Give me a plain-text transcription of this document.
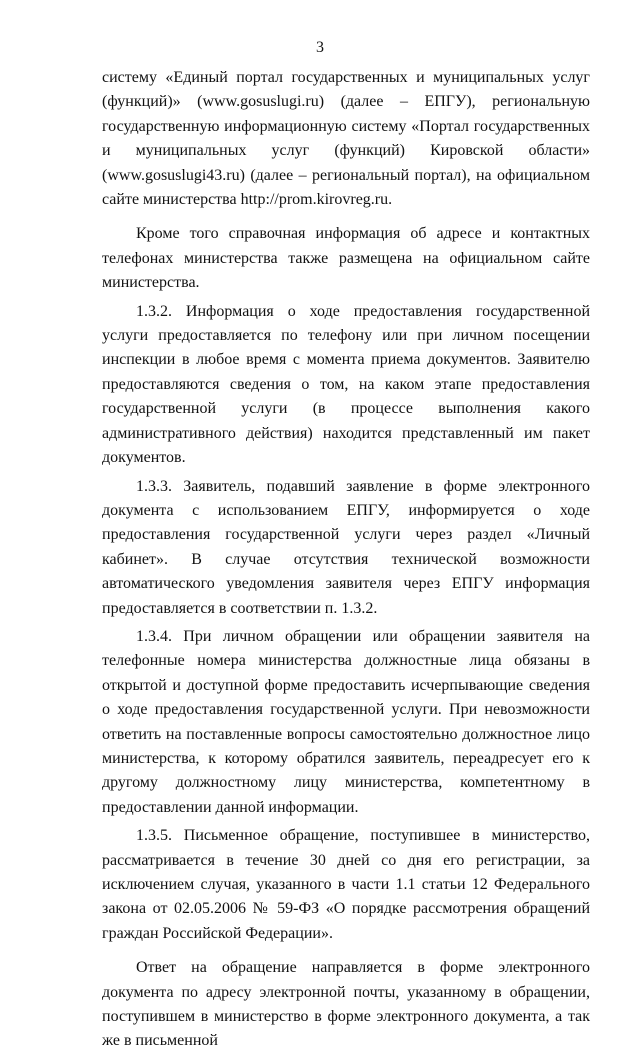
3

систему «Единый портал государственных и муниципальных услуг (функций)» (www.gosuslugi.ru) (далее – ЕПГУ), региональную государственную информационную систему «Портал государственных и муниципальных услуг (функций) Кировской области» (www.gosuslugi43.ru) (далее – региональный портал), на официальном сайте министерства http://prom.kirovreg.ru.

Кроме того справочная информация об адресе и контактных телефонах министерства также размещена на официальном сайте министерства.

1.3.2. Информация о ходе предоставления государственной услуги предоставляется по телефону или при личном посещении инспекции в любое время с момента приема документов. Заявителю предоставляются сведения о том, на каком этапе предоставления государственной услуги (в процессе выполнения какого административного действия) находится представленный им пакет документов.

1.3.3. Заявитель, подавший заявление в форме электронного документа с использованием ЕПГУ, информируется о ходе предоставления государственной услуги через раздел «Личный кабинет». В случае отсутствия технической возможности автоматического уведомления заявителя через ЕПГУ информация предоставляется в соответствии п. 1.3.2.

1.3.4. При личном обращении или обращении заявителя на телефонные номера министерства должностные лица обязаны в открытой и доступной форме предоставить исчерпывающие сведения о ходе предоставления государственной услуги. При невозможности ответить на поставленные вопросы самостоятельно должностное лицо министерства, к которому обратился заявитель, переадресует его к другому должностному лицу министерства, компетентному в предоставлении данной информации.

1.3.5. Письменное обращение, поступившее в министерство, рассматривается в течение 30 дней со дня его регистрации, за исключением случая, указанного в части 1.1 статьи 12 Федерального закона от 02.05.2006 № 59-ФЗ «О порядке рассмотрения обращений граждан Российской Федерации».

Ответ на обращение направляется в форме электронного документа по адресу электронной почты, указанному в обращении, поступившем в министерство в форме электронного документа, а так же в письменной
